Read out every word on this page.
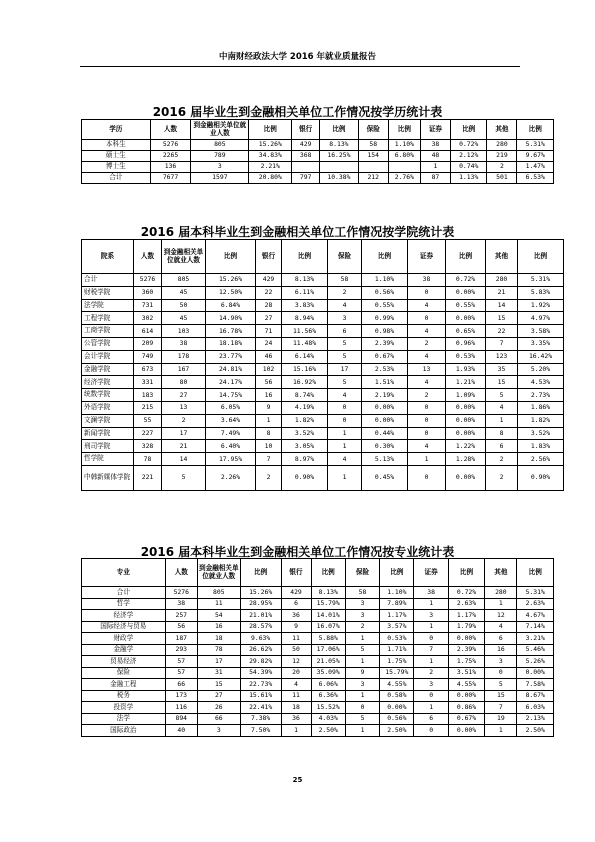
中南财经政法大学 2016 年就业质量报告
2016 届毕业生到金融相关单位工作情况按学历统计表
学历	人数	到金融相关单位就业人数	比例	银行	比例	保险	比例	证券	比例	其他	比例
本科生	5276	805	15.26%	429	8.13%	58	1.10%	38	0.72%	280	5.31%
硕士生	2265	789	34.83%	368	16.25%	154	6.80%	48	2.12%	219	9.67%
博士生	136	3	2.21%					1	0.74%	2	1.47%
合计	7677	1597	20.80%	797	10.38%	212	2.76%	87	1.13%	501	6.53%
2016 届本科毕业生到金融相关单位工作情况按学院统计表
院系	人数	到金融相关单位就业人数	比例	银行	比例	保险	比例	证券	比例	其他	比例
合计	5276	805	15.26%	429	8.13%	58	1.10%	38	0.72%	280	5.31%
财税学院	360	45	12.50%	22	6.11%	2	0.56%	0	0.00%	21	5.83%
法学院	731	50	6.84%	28	3.83%	4	0.55%	4	0.55%	14	1.92%
工程学院	302	45	14.90%	27	8.94%	3	0.99%	0	0.00%	15	4.97%
工商学院	614	103	16.78%	71	11.56%	6	0.98%	4	0.65%	22	3.58%
公管学院	209	38	18.18%	24	11.48%	5	2.39%	2	0.96%	7	3.35%
会计学院	749	178	23.77%	46	6.14%	5	0.67%	4	0.53%	123	16.42%
金融学院	673	167	24.81%	102	15.16%	17	2.53%	13	1.93%	35	5.20%
经济学院	331	80	24.17%	56	16.92%	5	1.51%	4	1.21%	15	4.53%
统数学院	183	27	14.75%	16	8.74%	4	2.19%	2	1.09%	5	2.73%
外语学院	215	13	6.05%	9	4.19%	0	0.00%	0	0.00%	4	1.86%
文澜学院	55	2	3.64%	1	1.82%	0	0.00%	0	0.00%	1	1.82%
新闻学院	227	17	7.49%	8	3.52%	1	0.44%	0	0.00%	8	3.52%
刑司学院	328	21	6.40%	10	3.05%	1	0.30%	4	1.22%	6	1.83%
哲学院	78	14	17.95%	7	8.97%	4	5.13%	1	1.28%	2	2.56%
中韩新媒体学院	221	5	2.26%	2	0.90%	1	0.45%	0	0.00%	2	0.90%
2016 届本科毕业生到金融相关单位工作情况按专业统计表
专业	人数	到金融相关单位就业人数	比例	银行	比例	保险	比例	证券	比例	其他	比例
合计	5276	805	15.26%	429	8.13%	58	1.10%	38	0.72%	280	5.31%
哲学	38	11	28.95%	6	15.79%	3	7.89%	1	2.63%	1	2.63%
经济学	257	54	21.01%	36	14.01%	3	1.17%	3	1.17%	12	4.67%
国际经济与贸易	56	16	28.57%	9	16.07%	2	3.57%	1	1.79%	4	7.14%
财政学	187	18	9.63%	11	5.88%	1	0.53%	0	0.00%	6	3.21%
金融学	293	78	26.62%	50	17.06%	5	1.71%	7	2.39%	16	5.46%
贸易经济	57	17	29.82%	12	21.05%	1	1.75%	1	1.75%	3	5.26%
保险	57	31	54.39%	20	35.09%	9	15.79%	2	3.51%	0	0.00%
金融工程	66	15	22.73%	4	6.06%	3	4.55%	3	4.55%	5	7.58%
税务	173	27	15.61%	11	6.36%	1	0.58%	0	0.00%	15	8.67%
投资学	116	26	22.41%	18	15.52%	0	0.00%	1	0.86%	7	6.03%
法学	894	66	7.38%	36	4.03%	5	0.56%	6	0.67%	19	2.13%
国际政治	40	3	7.50%	1	2.50%	1	2.50%	0	0.00%	1	2.50%
25
